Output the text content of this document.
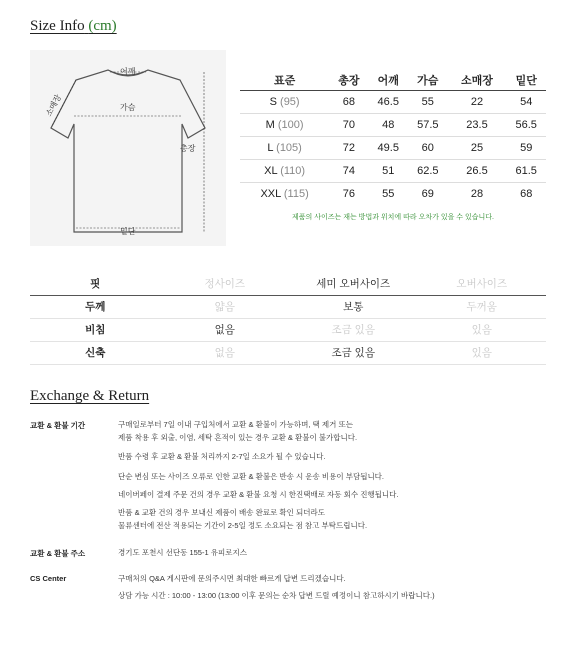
Size Info (cm)
어깨
가슴
소매장
총장
밑단
표준	총장	어깨	가슴	소매장	밑단
S (95)	68	46.5	55	22	54
M (100)	70	48	57.5	23.5	56.5
L (105)	72	49.5	60	25	59
XL (110)	74	51	62.5	26.5	61.5
XXL (115)	76	55	69	28	68
제품의 사이즈는 재는 방법과 위치에 따라 오차가 있을 수 있습니다.
핏	정사이즈	세미 오버사이즈	오버사이즈
두께	얇음	보통	두꺼움
비침	없음	조금 있음	있음
신축	없음	조금 있음	있음
Exchange & Return
교환 & 환불 기간	구매일로부터 7일 이내 구입처에서 교환 & 환불이 가능하며, 택 제거 또는
제품 착용 후 외출, 이염, 세탁 흔적이 있는 경우 교환 & 환불이 불가합니다.
반품 수령 후 교환 & 환불 처리까지 2-7일 소요가 될 수 있습니다.
단순 변심 또는 사이즈 오류로 인한 교환 & 환불은 반송 시 운송 비용이 부담됩니다.
네이버페이 결제 주문 건의 경우 교환 & 환불 요청 시 한진택배로 자동 회수 진행됩니다.
반품 & 교환 건의 경우 보내신 제품이 배송 완료로 확인 되더라도
물류센터에 전산 적용되는 기간이 2-5일 정도 소요되는 점 참고 부탁드립니다.
교환 & 환불 주소	경기도 포천시 선단동 155-1 유피로지스
CS Center	구매처의 Q&A 게시판에 문의주시면 최대한 빠르게 답변 드리겠습니다.
상담 가능 시간 : 10:00 - 13:00 (13:00 이후 문의는 순차 답변 드릴 예정이니 참고하시기 바랍니다.)
